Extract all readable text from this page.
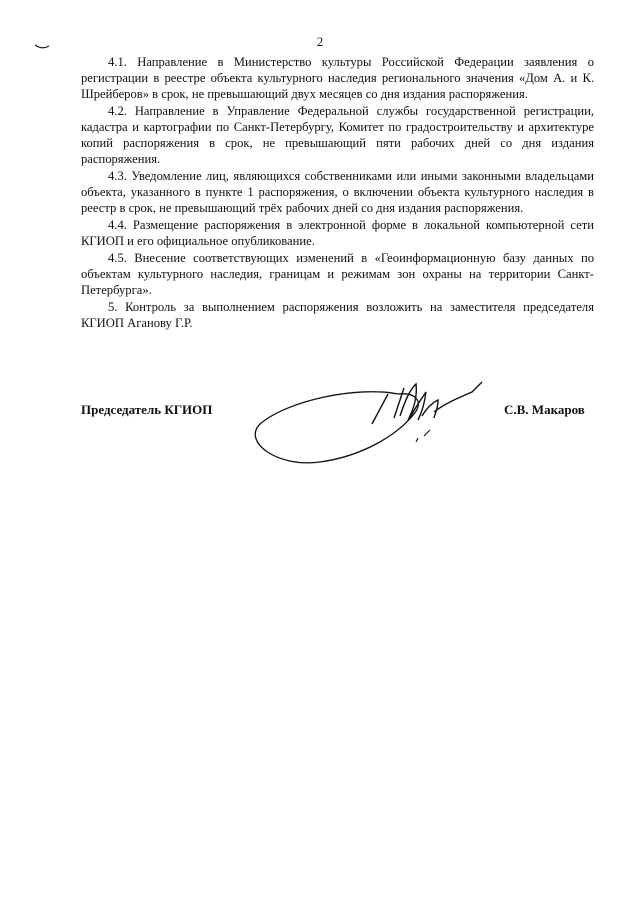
2

4.1. Направление в Министерство культуры Российской Федерации заявления о регистрации в реестре объекта культурного наследия регионального значения «Дом А. и К. Шрейберов» в срок, не превышающий двух месяцев со дня издания распоряжения.

4.2. Направление в Управление Федеральной службы государственной регистрации, кадастра и картографии по Санкт-Петербургу, Комитет по градостроительству и архитектуре копий распоряжения в срок, не превышающий пяти рабочих дней со дня издания распоряжения.

4.3. Уведомление лиц, являющихся собственниками или иными законными владельцами объекта, указанного в пункте 1 распоряжения, о включении объекта культурного наследия в реестр в срок, не превышающий трёх рабочих дней со дня издания распоряжения.

4.4. Размещение распоряжения в электронной форме в локальной компьютерной сети КГИОП и его официальное опубликование.

4.5. Внесение соответствующих изменений в «Геоинформационную базу данных по объектам культурного наследия, границам и режимам зон охраны на территории Санкт-Петербурга».

5. Контроль за выполнением распоряжения возложить на заместителя председателя КГИОП Аганову Г.Р.

Председатель КГИОП	С.В. Макаров
